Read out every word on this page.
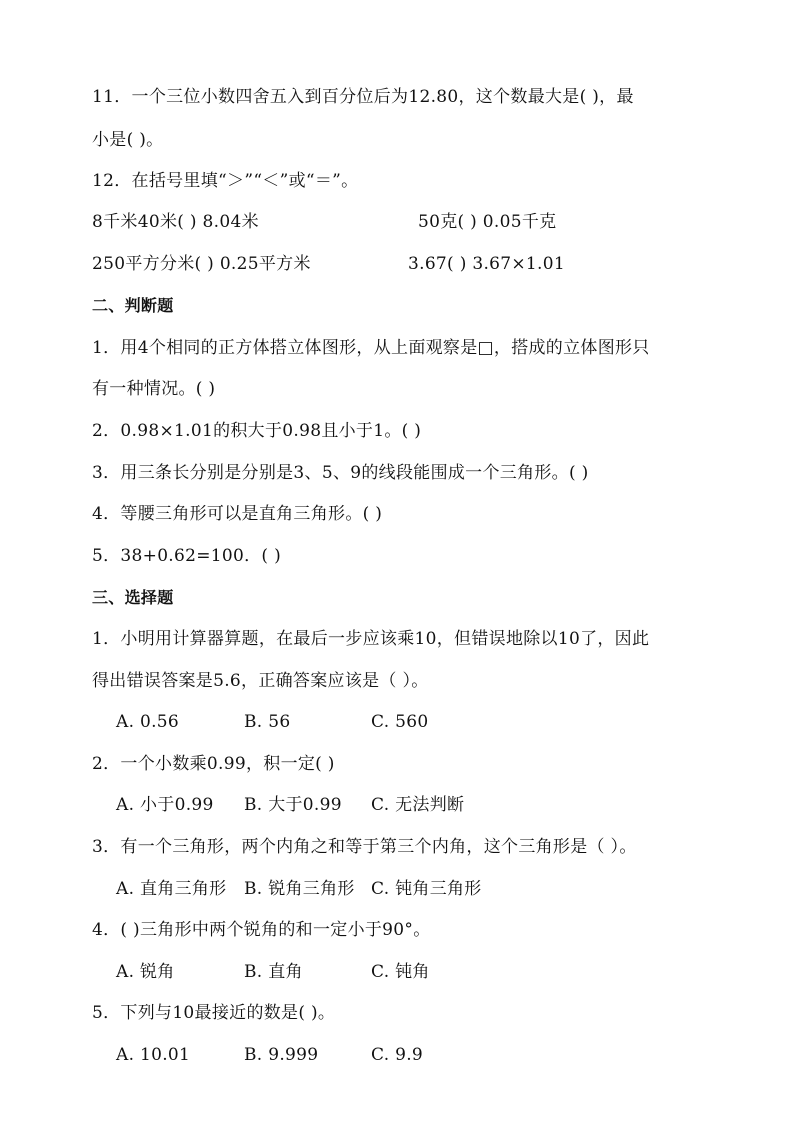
11．一个三位小数四舍五入到百分位后为12.80，这个数最大是( )，最
小是( )。
12．在括号里填“＞”“＜”或“＝”。
8千米40米( ) 8.04米	50克( ) 0.05千克
250平方分米( ) 0.25平方米	3.67( ) 3.67×1.01
二、判断题
1．用4个相同的正方体搭立体图形，从上面观察是□，搭成的立体图形只
有一种情况。( )
2．0.98×1.01的积大于0.98且小于1。( )
3．用三条长分别是分别是3、5、9的线段能围成一个三角形。( )
4．等腰三角形可以是直角三角形。( )
5．38+0.62=100．( )
三、选择题
1．小明用计算器算题，在最后一步应该乘10，但错误地除以10了，因此
得出错误答案是5.6，正确答案应该是（ ）。
A. 0.56	B. 56	C. 560
2．一个小数乘0.99，积一定( )
A. 小于0.99 B. 大于0.99 C. 无法判断
3．有一个三角形，两个内角之和等于第三个内角，这个三角形是（ ）。
A. 直角三角形 B. 锐角三角形 C. 钝角三角形
4．( )三角形中两个锐角的和一定小于90°。
A. 锐角	B. 直角	C. 钝角
5．下列与10最接近的数是( )。
A. 10.01	B. 9.999	C. 9.9
